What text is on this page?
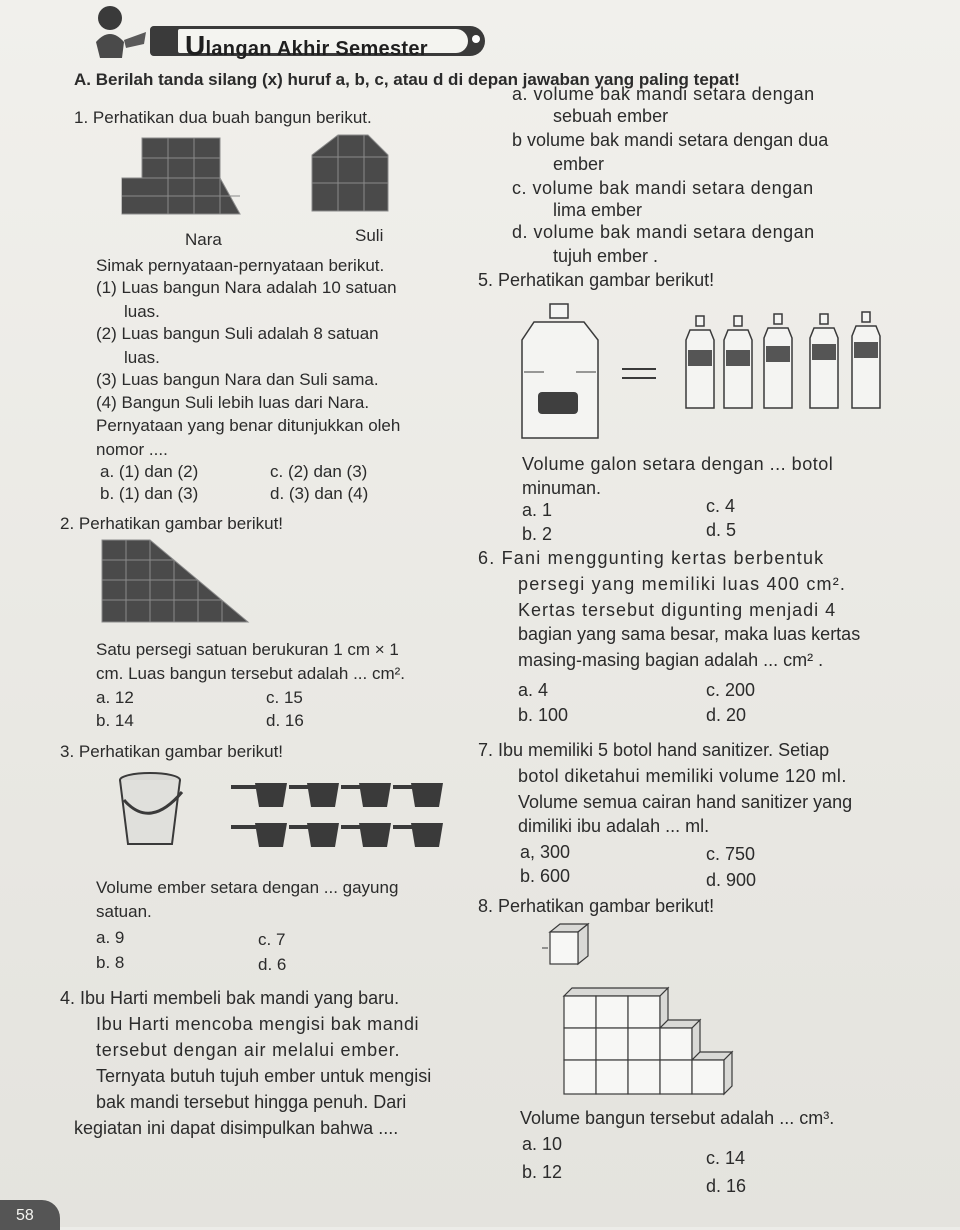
Ulangan Akhir Semester
A. Berilah tanda silang (x) huruf a, b, c, atau d di depan jawaban yang paling tepat!
1. Perhatikan dua buah bangun berikut.
Nara	Suli
Simak pernyataan-pernyataan berikut.
(1) Luas bangun Nara adalah 10 satuan
luas.
(2) Luas bangun Suli adalah 8 satuan
luas.
(3) Luas bangun Nara dan Suli sama.
(4) Bangun Suli lebih luas dari Nara.
Pernyataan yang benar ditunjukkan oleh
nomor ....
a. (1) dan (2)	c. (2) dan (3)
b. (1) dan (3)	d. (3) dan (4)
2. Perhatikan gambar berikut!
Satu persegi satuan berukuran 1 cm × 1
cm. Luas bangun tersebut adalah ... cm².
a. 12	c. 15
b. 14	d. 16
3. Perhatikan gambar berikut!
Volume ember setara dengan ... gayung
satuan.
a. 9	c. 7
b. 8	d. 6
4. Ibu Harti membeli bak mandi yang baru.
Ibu Harti mencoba mengisi bak mandi
tersebut dengan air melalui ember.
Ternyata butuh tujuh ember untuk mengisi
bak mandi tersebut hingga penuh. Dari
kegiatan ini dapat disimpulkan bahwa ....
a. volume bak mandi setara dengan
sebuah ember
b volume bak mandi setara dengan dua
ember
c. volume bak mandi setara dengan
lima ember
d. volume bak mandi setara dengan
tujuh ember .
5. Perhatikan gambar berikut!
Volume galon setara dengan ... botol
minuman.
a. 1	c. 4
b. 2	d. 5
6. Fani menggunting kertas berbentuk
persegi yang memiliki luas 400 cm².
Kertas tersebut digunting menjadi 4
bagian yang sama besar, maka luas kertas
masing-masing bagian adalah ... cm² .
a. 4	c. 200
b. 100	d. 20
7. Ibu memiliki 5 botol hand sanitizer. Setiap
botol diketahui memiliki volume 120 ml.
Volume semua cairan hand sanitizer yang
dimiliki ibu adalah ... ml.
a, 300	c. 750
b. 600	d. 900
8. Perhatikan gambar berikut!
Volume bangun tersebut adalah ... cm³.
a. 10
c. 14
b. 12
d. 16
58
